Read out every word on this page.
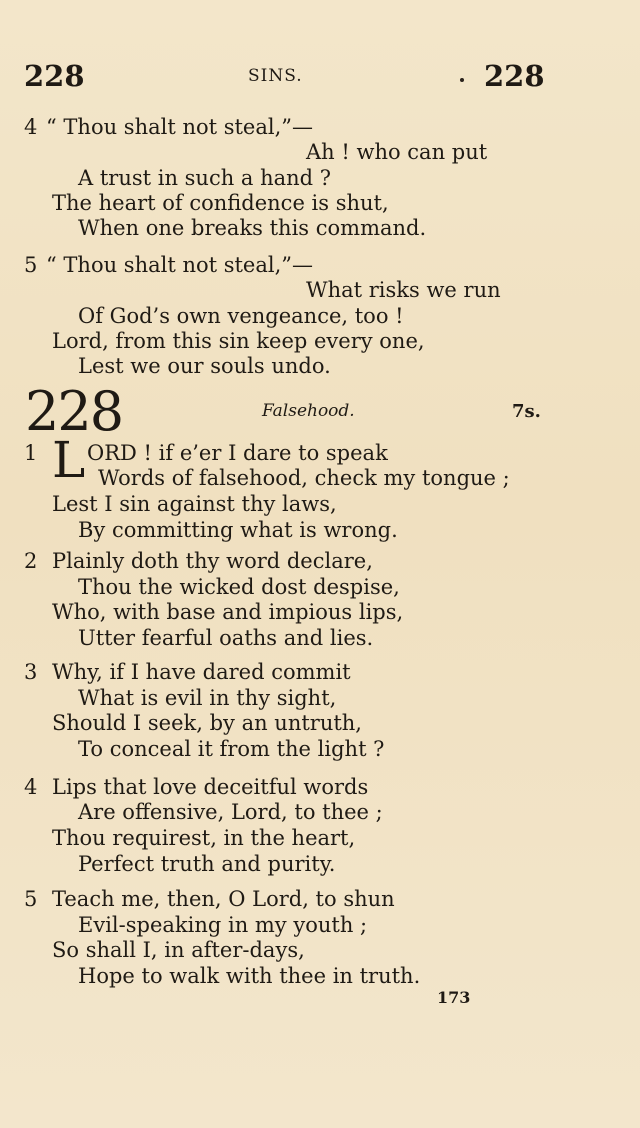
228	SINS.	228
4 “ Thou shalt not steal,”—
Ah ! who can put
A trust in such a hand ?
The heart of confidence is shut,
When one breaks this command.
5 “ Thou shalt not steal,”—
What risks we run
Of God’s own vengeance, too !
Lord, from this sin keep every one,
Lest we our souls undo.
228	Falsehood.	7s.
1 L ORD ! if e’er I dare to speak
Words of falsehood, check my tongue ;
Lest I sin against thy laws,
By committing what is wrong.
2 Plainly doth thy word declare,
Thou the wicked dost despise,
Who, with base and impious lips,
Utter fearful oaths and lies.
3 Why, if I have dared commit
What is evil in thy sight,
Should I seek, by an untruth,
To conceal it from the light ?
4 Lips that love deceitful words
Are offensive, Lord, to thee ;
Thou requirest, in the heart,
Perfect truth and purity.
5 Teach me, then, O Lord, to shun
Evil-speaking in my youth ;
So shall I, in after-days,
Hope to walk with thee in truth.
173
